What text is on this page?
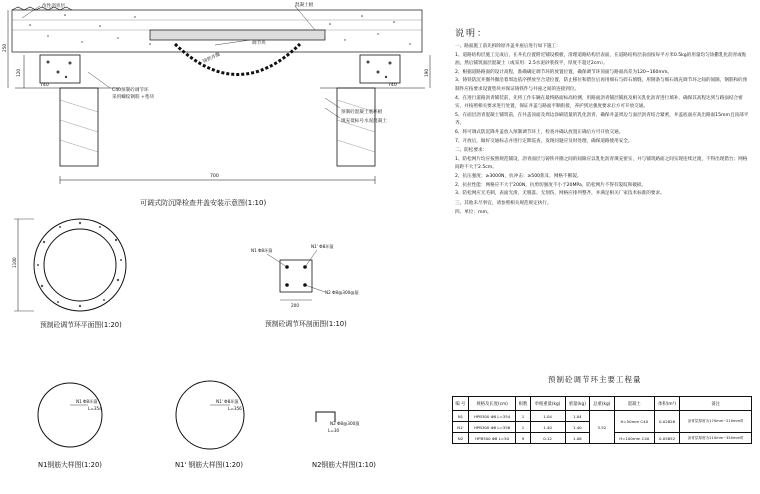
改性沥青层	混凝土板
调节块
铸铁井圈
C40预制砼调节环
采用螺纹钢筋 +垫块
预制砼混凝土底环板
填充低标号水泥混凝土
740	740
700
120	190
250
可调式防沉降检查井盖安装示意图(1:10)
1100
预制砼调节环平面图(1:20)
N1 Φ8环箍
N1' Φ8环箍
N2 Φ8@300@箍
200
预制砼调节环剖面图(1:10)
N1 Φ8环箍
L=354
N1钢筋大样图(1:20)
N1' Φ8环箍
L=356
N1' 钢筋大样图(1:20)
N2 Φ8@300箍
L=30
N2钢筋大样图(1:10)
说明：

一、路面施工前先拆除原井盖井座后进行如下施工：

1、道路结构层施工完成后，在井孔位置附近铺设模板，清理道路结构层表面，在道路结构层表面按每平方米0.5kg的用量均匀涂撒乳化沥青或粘油，然后铺筑面层混凝土（或采用：2.5水泥砂浆找平，厚度不超过2cm）。

2、根据道路路面的设计高程，准确确定调节环的放置位置，确保调节环顶面与路面高差为120~160mm。

3、铸铁防沉井圈外圈沿着周边依序摆放至合适位置，防止移位和错位后再用细石与碎石填缝，用钢条与细石填充调节环之间的间隙，钢筋和砼预制件应按要求设置垫块并保证铸铁件与井座之间的连接到位。

4、在进行道路沥青铺装前，先将工作车辆在最终路面标高检测，用路面沥青铺层铺底及相关乳化沥青进行填补，确保其高程达到与路面结合密实，并按照相关要求进行处置，保证井盖与路面平顺衔接，养护到达强度要求后方可开放交通。

5、在面层沥青混凝土铺筑前，在井盖顶面及周边涂刷适量的乳化沥青，确保井盖周边与面层沥青结合紧密，井盖底面应高出路面15mm且顶部平齐。

6、将可调式防沉降井盖放入预制调节环上，检查并确认放置正确后方可开放交通。

7、开放后，做好交通标志并进行定期巡查，发现问题应及时处理，确保道路使用安全。

二、防松要求：

1、防松网片均应按照规范铺设，沥青面层与铸铁井圈之间的间隙应以乳化沥青填充密实，并与铺筑路面之间实现连续过渡，不得出现错台；网格间距不大于2.5cm。

2、抗压强度：≥3000N，抗冲击：≥500焦耳，网格不断裂。

2、抗拉性能：网格应不大于200N，抗剪切强度不小于20MPa，防松网片不得有裂纹和破损。

3、防松网应无毛刺，表面光滑，无脱落、无划伤，网格应排列整齐，并满足相关厂家技术标准的要求。

三、其他未尽事宜，请参照相关规范规定执行。

四、单位：mm。

预制砼调节环主要工程量
编 号	规格及长度(cm)	根数	单根重量(kg)	重量(kg)	总重(kg)	混凝土	体积(m³)	备注
N1	HPB300 Φ8 L=354	1	1.04	1.04	3.52	H=50mm C40	0.02826	沥青层厚度为170mm~210mm时
N1'	HPB300 Φ8 L=356	1	1.40	1.40				
N2	HPB300 Φ8 L=30	9	0.12	1.08		H=100mm C40	0.05652	沥青层厚度为210mm~350mm时
